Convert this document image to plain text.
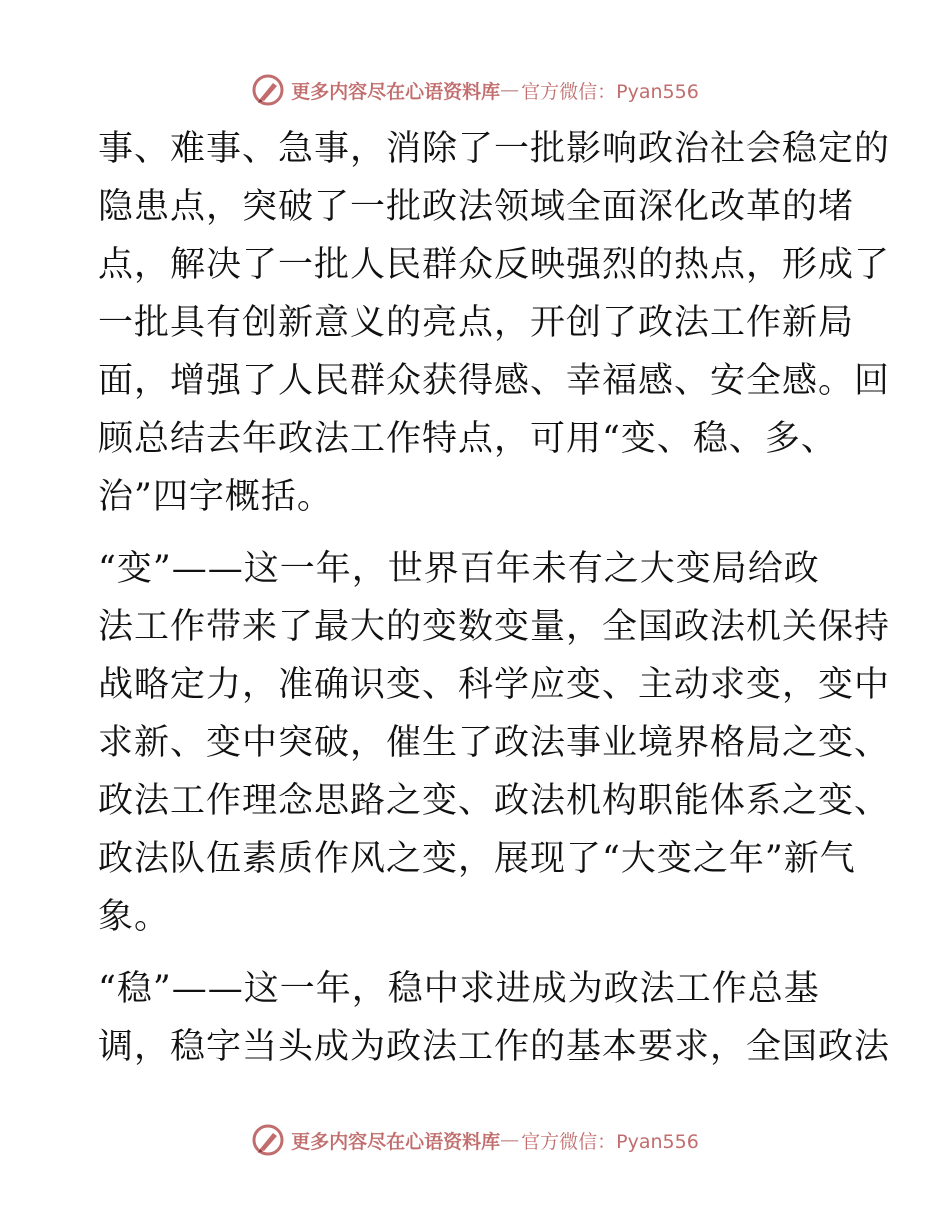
更多内容尽在心语资料库 — 官方微信：Pyan556
事、难事、急事，消除了一批影响政治社会稳定的
隐患点，突破了一批政法领域全面深化改革的堵
点，解决了一批人民群众反映强烈的热点，形成了
一批具有创新意义的亮点，开创了政法工作新局
面，增强了人民群众获得感、幸福感、安全感。回
顾总结去年政法工作特点，可用“变、稳、多、
治”四字概括。
“变”——这一年，世界百年未有之大变局给政
法工作带来了最大的变数变量，全国政法机关保持
战略定力，准确识变、科学应变、主动求变，变中
求新、变中突破，催生了政法事业境界格局之变、
政法工作理念思路之变、政法机构职能体系之变、
政法队伍素质作风之变，展现了“大变之年”新气
象。
“稳”——这一年，稳中求进成为政法工作总基
调，稳字当头成为政法工作的基本要求，全国政法
更多内容尽在心语资料库 — 官方微信：Pyan556
